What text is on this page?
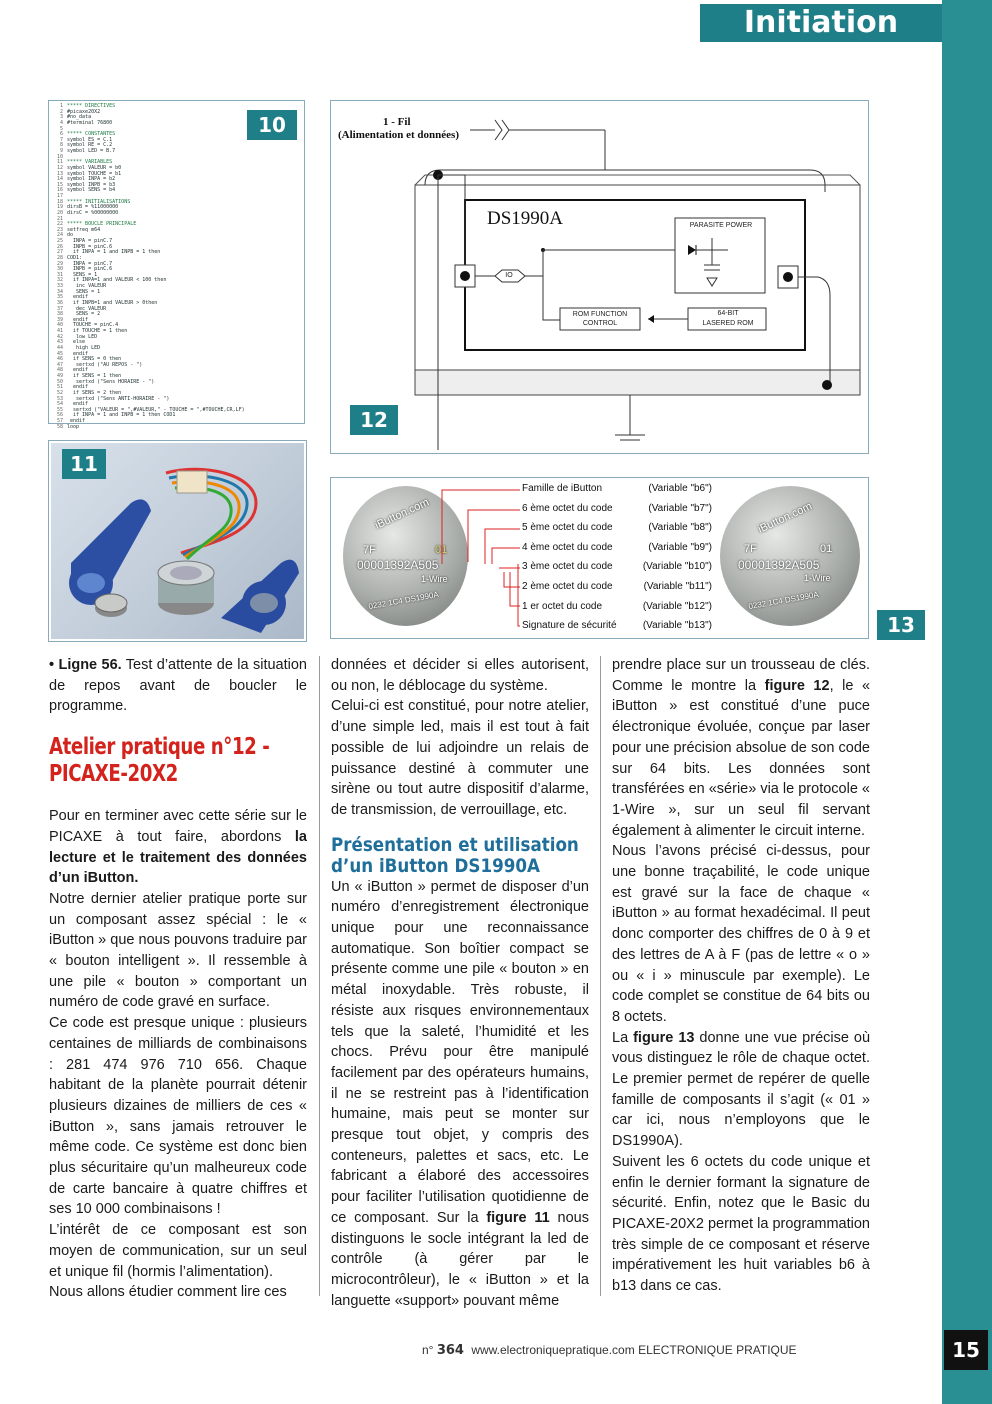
Initiation
1
2
3
4
5
6
7
8
9
10
11
12
13
14
15
16
17
18
19
20
21
22
23
24
25
26
27
28
29
30
31
32
33
34
35
36
37
38
39
40
41
42
43
44
45
46
47
48
49
50
51
52
53
54
55
56
57
58
***** DIRECTIVES
#picaxe20X2
#no_data
#terminal 76800

***** CONSTANTES
symbol ES = C.1
symbol RE = C.2
symbol LED = B.7

***** VARIABLES
symbol VALEUR = b0
symbol TOUCHE = b1
symbol INPA = b2
symbol INPB = b3
symbol SENS = b4

***** INITIALISATIONS
dirsB = %11000000
dirsC = %00000000

***** BOUCLE PRINCIPALE
setfreq m64
do
INPA = pinC.7
INPB = pinC.6
if INPA = 1 and INPB = 1 then
COD1:
INPA = pinC.7
INPB = pinC.6
SENS = 1
if INPA=1 and VALEUR < 100 then
inc VALEUR
SENS = 1
endif
if INPB=1 and VALEUR > 0then
dec VALEUR
SENS = 2
endif
TOUCHE = pinC.4
if TOUCHE = 1 then
low LED
else
high LED
endif
if SENS = 0 then
sertxd ("AU REPOS - ")
endif
if SENS = 1 then
sertxd ("Sens HORAIRE - ")
endif
if SENS = 2 then
sertxd ("Sens ANTI-HORAIRE - ")
endif
sertxd ("VALEUR = ",#VALEUR," - TOUCHE = ",#TOUCHE,CR,LF)
if INPA = 1 and INPB = 1 then COD1
endif
loop
10	1 - Fil
(Alimentation et données)
DS1990A	PARASITE POWER
IO
ROM FUNCTION CONTROL
64-BIT
LASERED ROM
12
11
iButton.com
7F	01
00001392A505
1-Wire
0232 1C4 DS1990A
Famille de iButton	(Variable "b6")
6 ème octet du code	(Variable "b7")
5 ème octet du code	(Variable "b8")
4 ème octet du code	(Variable "b9")
3 ème octet du code	(Variable "b10")
2 ème octet du code	(Variable "b11")
1 er octet du code	(Variable "b12")
Signature de sécurité	(Variable "b13")
iButton.com
7F	01
00001392A505
1-Wire
0232 1C4 DS1990A
13

• Ligne 56. Test d’attente de la situation de repos avant de boucler le programme.

Atelier pratique n°12 -
PICAXE-20X2

Pour en terminer avec cette série sur le PICAXE à tout faire, abordons la lecture et le traitement des données d’un iButton.

Notre dernier atelier pratique porte sur un composant assez spécial : le « iButton » que nous pouvons traduire par « bouton intelligent ». Il ressemble à une pile « bouton » comportant un numéro de code gravé en surface.

Ce code est presque unique : plusieurs centaines de milliards de combinaisons : 281 474 976 710 656. Chaque habitant de la planète pourrait détenir plusieurs dizaines de milliers de ces « iButton », sans jamais retrouver le même code. Ce système est donc bien plus sécuritaire qu’un malheureux code de carte bancaire à quatre chiffres et ses 10 000 combinaisons !

L’intérêt de ce composant est son moyen de communication, sur un seul et unique fil (hormis l’alimentation).

Nous allons étudier comment lire ces

données et décider si elles autorisent, ou non, le déblocage du système.

Celui-ci est constitué, pour notre atelier, d’une simple led, mais il est tout à fait possible de lui adjoindre un relais de puissance destiné à commuter une sirène ou tout autre dispositif d’alarme, de transmission, de verrouillage, etc.

Présentation et utilisation
d’un iButton DS1990A

Un « iButton » permet de disposer d’un numéro d’enregistrement électronique unique pour une reconnaissance automatique. Son boîtier compact se présente comme une pile « bouton » en métal inoxydable. Très robuste, il résiste aux risques environnementaux tels que la saleté, l’humidité et les chocs. Prévu pour être manipulé facilement par des opérateurs humains, il ne se restreint pas à l’identification humaine, mais peut se monter sur presque tout objet, y compris des conteneurs, palettes et sacs, etc. Le fabricant a élaboré des accessoires pour faciliter l’utilisation quotidienne de ce composant. Sur la figure 11 nous distinguons le socle intégrant la led de contrôle (à gérer par le microcontrôleur), le « iButton » et la languette «support» pouvant même

prendre place sur un trousseau de clés. Comme le montre la figure 12, le « iButton » est constitué d’une puce électronique évoluée, conçue par laser pour une précision absolue de son code sur 64 bits. Les données sont transférées en «série» via le protocole « 1-Wire », sur un seul fil servant également à alimenter le circuit interne.

Nous l’avons précisé ci-dessus, pour une bonne traçabilité, le code unique est gravé sur la face de chaque « iButton » au format hexadécimal. Il peut donc comporter des chiffres de 0 à 9 et des lettres de A à F (pas de lettre « o » ou « i » minuscule par exemple). Le code complet se constitue de 64 bits ou 8 octets.

La figure 13 donne une vue précise où vous distinguez le rôle de chaque octet. Le premier permet de repérer de quelle famille de composants il s’agit (« 01 » car ici, nous n’employons que le DS1990A).

Suivent les 6 octets du code unique et enfin le dernier formant la signature de sécurité. Enfin, notez que le Basic du PICAXE-20X2 permet la programmation très simple de ce composant et réserve impérativement les huit variables b6 à b13 dans ce cas.

n° 364 www.electroniquepratique.com ELECTRONIQUE PRATIQUE	15
